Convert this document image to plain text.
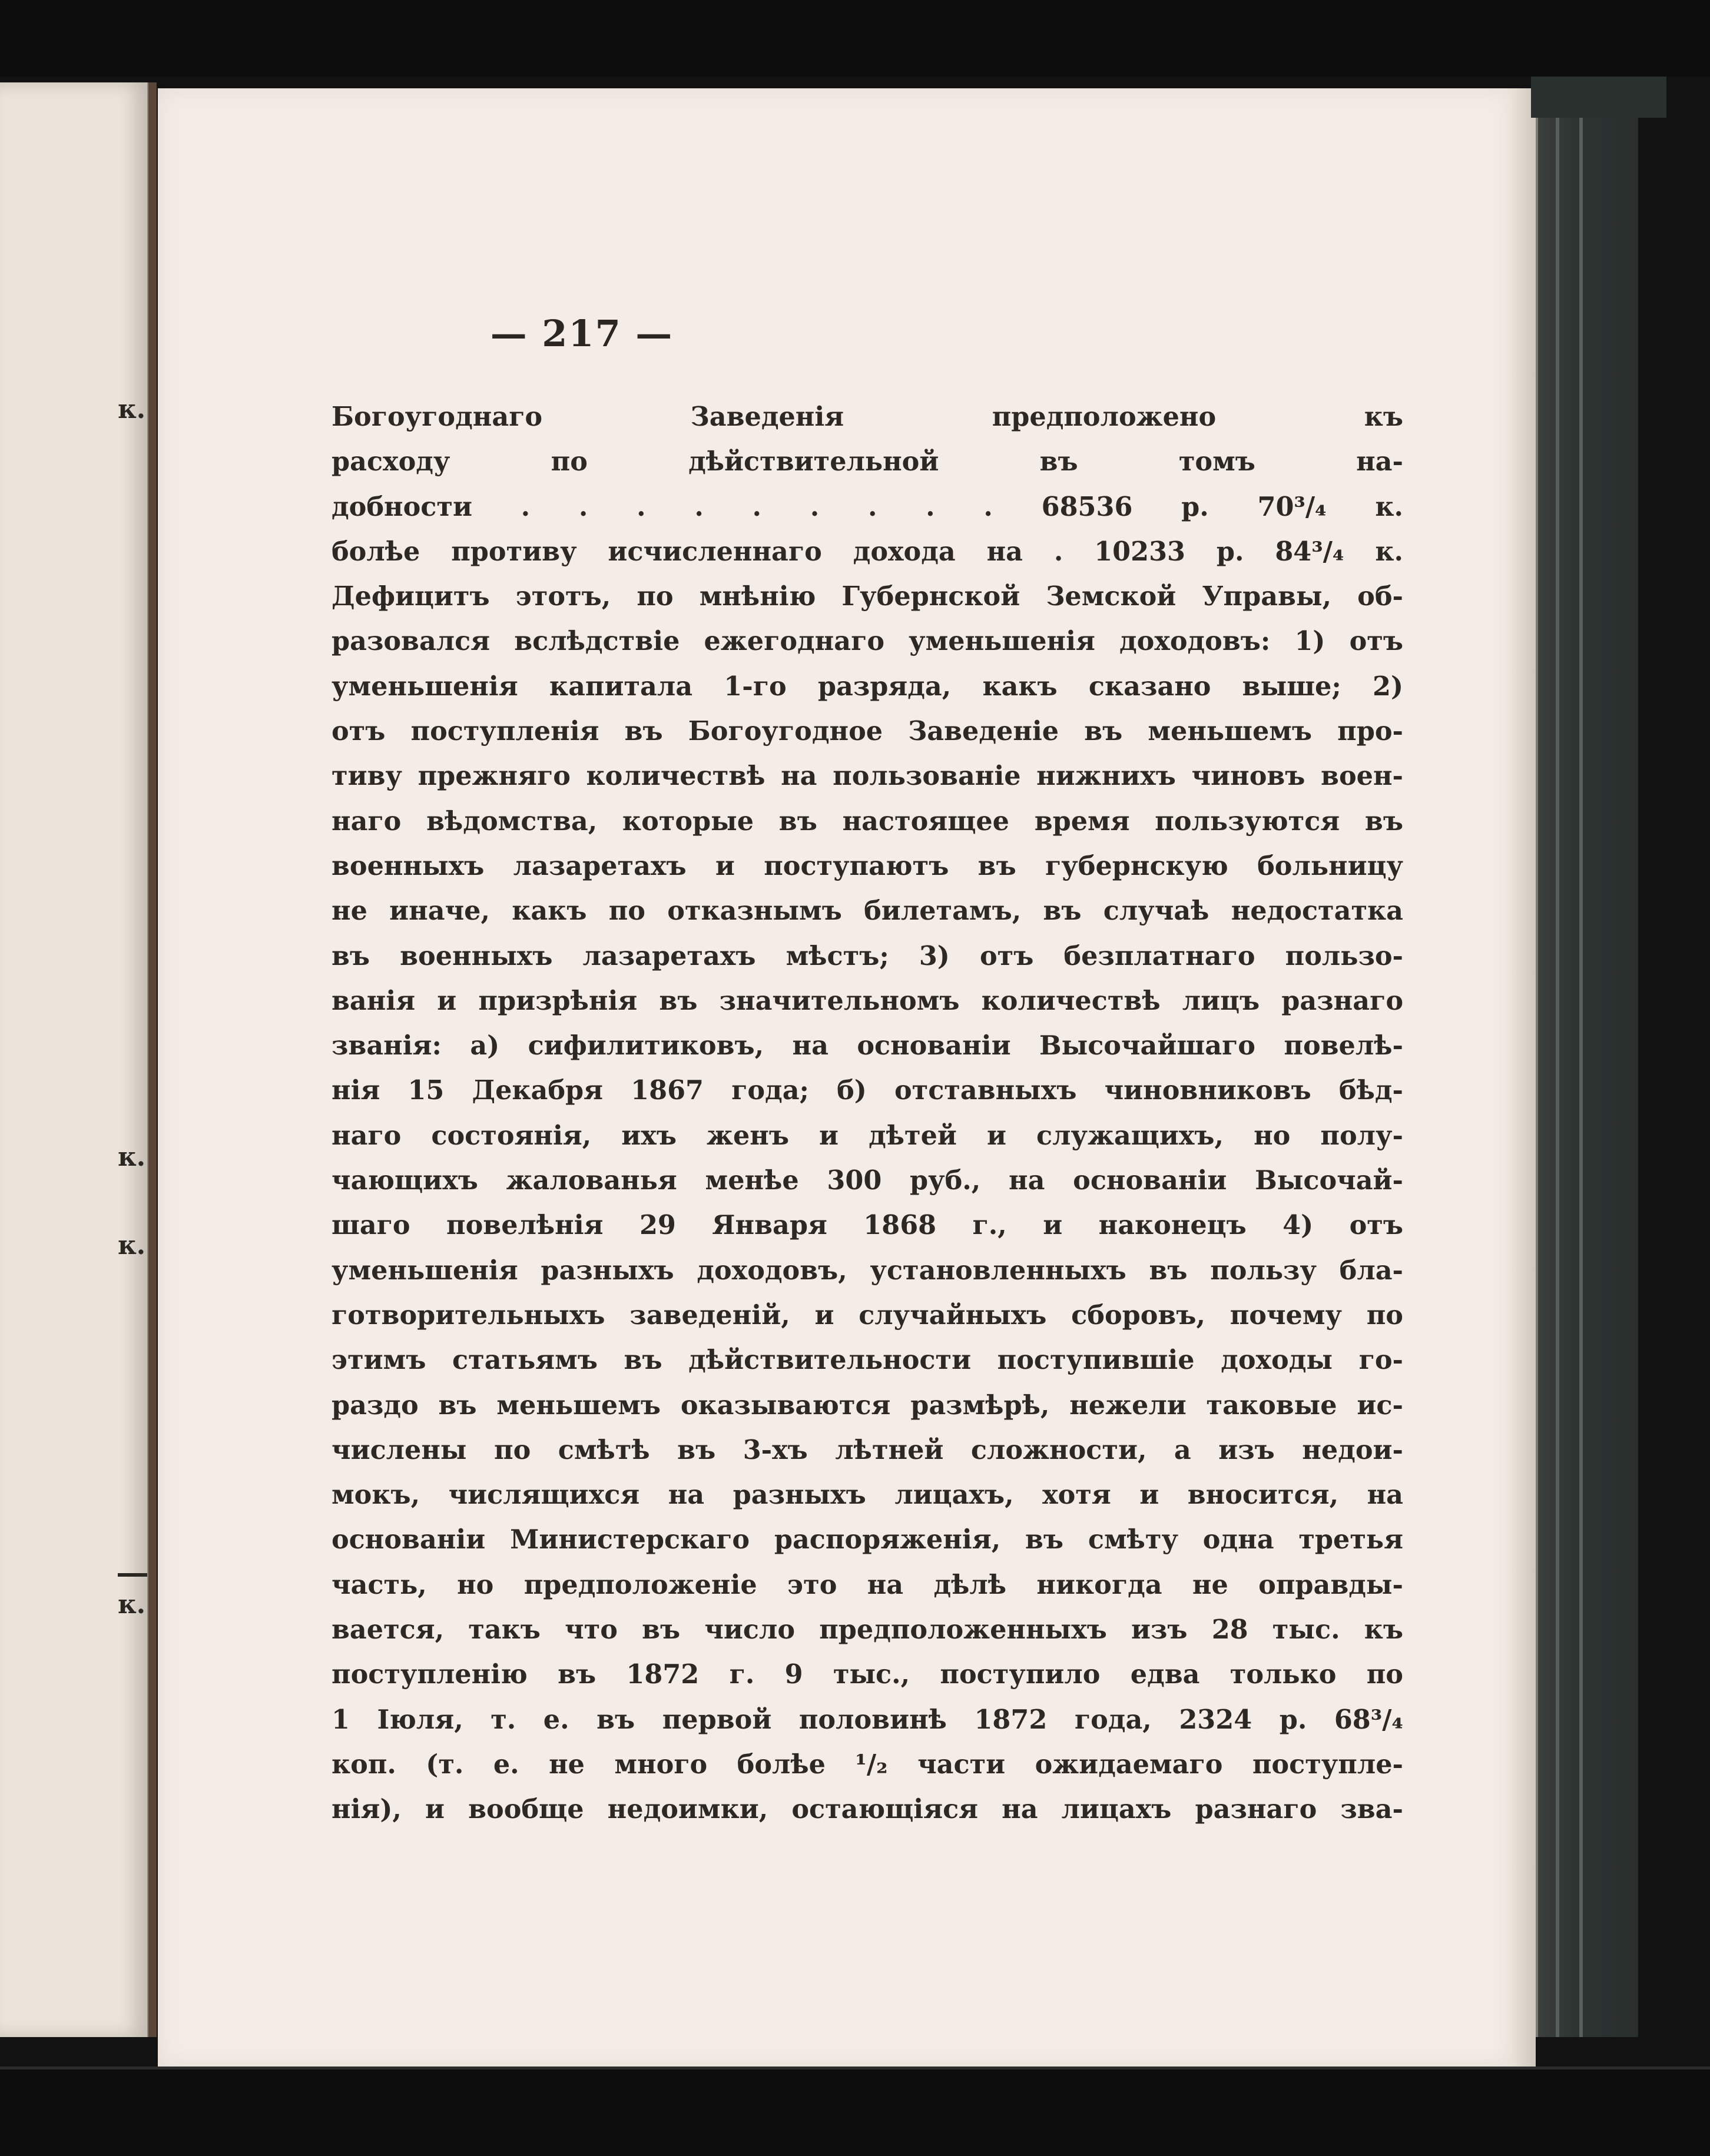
к.
к.
к.
к.
— 217 —
Богоугоднаго Заведенія предположено къ
расходу по дѣйствительной въ томъ на-
добности . . . . . . . . . 68536 р. 70³/₄ к.
болѣе противу исчисленнаго дохода на . 10233 р. 84³/₄ к.
Дефицитъ этотъ, по мнѣнію Губернской Земской Управы, об-
разовался вслѣдствіе ежегоднаго уменьшенія доходовъ: 1) отъ
уменьшенія капитала 1-го разряда, какъ сказано выше; 2)
отъ поступленія въ Богоугодное Заведеніе въ меньшемъ про-
тиву прежняго количествѣ на пользованіе нижнихъ чиновъ воен-
наго вѣдомства, которые въ настоящее время пользуются въ
военныхъ лазаретахъ и поступаютъ въ губернскую больницу
не иначе, какъ по отказнымъ билетамъ, въ случаѣ недостатка
въ военныхъ лазаретахъ мѣстъ; 3) отъ безплатнаго пользо-
ванія и призрѣнія въ значительномъ количествѣ лицъ разнаго
званія: а) сифилитиковъ, на основаніи Высочайшаго повелѣ-
нія 15 Декабря 1867 года; б) отставныхъ чиновниковъ бѣд-
наго состоянія, ихъ женъ и дѣтей и служащихъ, но полу-
чающихъ жалованья менѣе 300 руб., на основаніи Высочай-
шаго повелѣнія 29 Января 1868 г., и наконецъ 4) отъ
уменьшенія разныхъ доходовъ, установленныхъ въ пользу бла-
готворительныхъ заведеній, и случайныхъ сборовъ, почему по
этимъ статьямъ въ дѣйствительности поступившіе доходы го-
раздо въ меньшемъ оказываются размѣрѣ, нежели таковые ис-
числены по смѣтѣ въ 3-хъ лѣтней сложности, а изъ недои-
мокъ, числящихся на разныхъ лицахъ, хотя и вносится, на
основаніи Министерскаго распоряженія, въ смѣту одна третья
часть, но предположеніе это на дѣлѣ никогда не оправды-
вается, такъ что въ число предположенныхъ изъ 28 тыс. къ
поступленію въ 1872 г. 9 тыс., поступило едва только по
1 Іюля, т. е. въ первой половинѣ 1872 года, 2324 р. 68³/₄
коп. (т. е. не много болѣе ¹/₂ части ожидаемаго поступле-
нія), и вообще недоимки, остающіяся на лицахъ разнаго зва-
